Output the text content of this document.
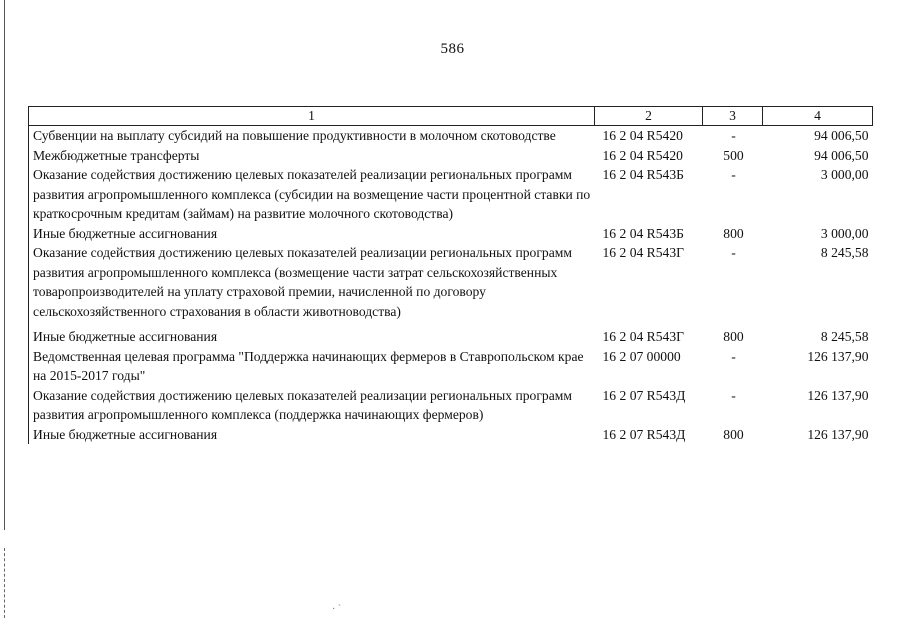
· ˋ
586
1	2	3	4
Субвенции на выплату субсидий на повышение продуктивности в молочном скотоводстве	16 2 04 R5420	-	94 006,50
Межбюджетные трансферты	16 2 04 R5420	500	94 006,50
Оказание содействия достижению целевых показателей реализации региональных программ развития агропромышленного комплекса (субсидии на возмещение части процентной ставки по краткосрочным кредитам (займам) на развитие молочного скотоводства)	16 2 04 R543Б	-	3 000,00
Иные бюджетные ассигнования	16 2 04 R543Б	800	3 000,00
Оказание содействия достижению целевых показателей реализации региональных программ развития агропромышленного комплекса (возмещение части затрат сельскохозяйственных товаропроизводителей на уплату страховой премии, начисленной по договору сельскохозяйственного страхования в области животноводства)	16 2 04 R543Г	-	8 245,58
Иные бюджетные ассигнования	16 2 04 R543Г	800	8 245,58
Ведомственная целевая программа "Поддержка начинающих фермеров в Ставропольском крае на 2015-2017 годы"	16 2 07 00000	-	126 137,90
Оказание содействия достижению целевых показателей реализации региональных программ развития агропромышленного комплекса (поддержка начинающих фермеров)	16 2 07 R543Д	-	126 137,90
Иные бюджетные ассигнования	16 2 07 R543Д	800	126 137,90
